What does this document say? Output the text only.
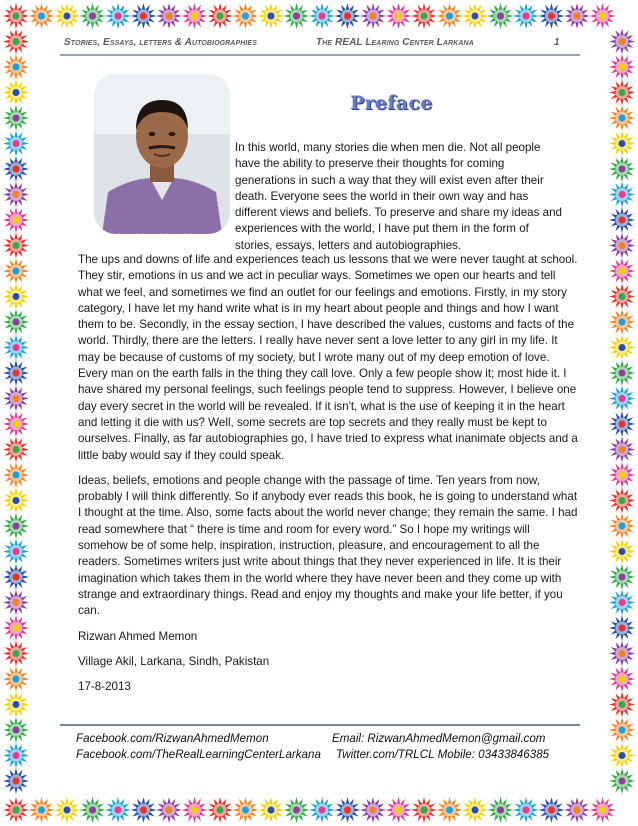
Stories, Essays, letters & Autobiographies	The REAL Learing Center Larkana	1
Preface

In this world, many stories die when men die. Not all people have the ability to preserve their thoughts for coming generations in such a way that they will exist even after their death. Everyone sees the world in their own way and has different views and beliefs. To preserve and share my ideas and experiences with the world, I have put them in the form of stories, essays, letters and autobiographies.

The ups and downs of life and experiences teach us lessons that we were never taught at school. They stir, emotions in us and we act in peculiar ways. Sometimes we open our hearts and tell what we feel, and sometimes we find an outlet for our feelings and emotions. Firstly, in my story category, I have let my hand write what is in my heart about people and things and how I want them to be. Secondly, in the essay section, I have described the values, customs and facts of the world. Thirdly, there are the letters. I really have never sent a love letter to any girl in my life. It may be because of customs of my society, but I wrote many out of my deep emotion of love. Every man on the earth falls in the thing they call love. Only a few people show it; most hide it. I have shared my personal feelings, such feelings people tend to suppress. However, I believe one day every secret in the world will be revealed. If it isn't, what is the use of keeping it in the heart and letting it die with us? Well, some secrets are top secrets and they really must be kept to ourselves. Finally, as far autobiographies go, I have tried to express what inanimate objects and a little baby would say if they could speak.

Ideas, beliefs, emotions and people change with the passage of time. Ten years from now, probably I will think differently. So if anybody ever reads this book, he is going to understand what I thought at the time. Also, some facts about the world never change; they remain the same. I had read somewhere that “ there is time and room for every word.” So I hope my writings will somehow be of some help, inspiration, instruction, pleasure, and encouragement to all the readers. Sometimes writers just write about things that they never experienced in life. It is their imagination which takes them in the world where they have never been and they come up with strange and extraordinary things. Read and enjoy my thoughts and make your life better, if you can.

Rizwan Ahmed Memon

Village Akil, Larkana, Sindh, Pakistan

17-8-2013

Facebook.com/RizwanAhmedMemon	Email: RizwanAhmedMemon@gmail.com
Facebook.com/TheRealLearningCenterLarkana Twitter.com/TRLCL Mobile: 03433846385
